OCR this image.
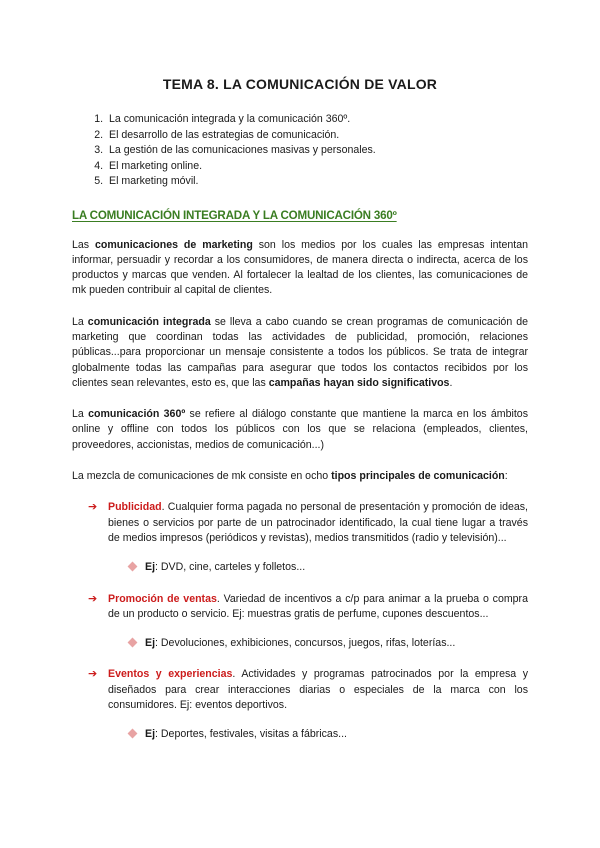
TEMA 8. LA COMUNICACIÓN DE VALOR
1. La comunicación integrada y la comunicación 360º.
2. El desarrollo de las estrategias de comunicación.
3. La gestión de las comunicaciones masivas y personales.
4. El marketing online.
5. El marketing móvil.
LA COMUNICACIÓN INTEGRADA Y LA COMUNICACIÓN 360º

Las comunicaciones de marketing son los medios por los cuales las empresas intentan informar, persuadir y recordar a los consumidores, de manera directa o indirecta, acerca de los productos y marcas que venden. Al fortalecer la lealtad de los clientes, las comunicaciones de mk pueden contribuir al capital de clientes.

La comunicación integrada se lleva a cabo cuando se crean programas de comunicación de marketing que coordinan todas las actividades de publicidad, promoción, relaciones públicas...para proporcionar un mensaje consistente a todos los públicos. Se trata de integrar globalmente todas las campañas para asegurar que todos los contactos recibidos por los clientes sean relevantes, esto es, que las campañas hayan sido significativos.

La comunicación 360º se refiere al diálogo constante que mantiene la marca en los ámbitos online y offline con todos los públicos con los que se relaciona (empleados, clientes, proveedores, accionistas, medios de comunicación...)

La mezcla de comunicaciones de mk consiste en ocho tipos principales de comunicación:

➔ Publicidad. Cualquier forma pagada no personal de presentación y promoción de ideas, bienes o servicios por parte de un patrocinador identificado, la cual tiene lugar a través de medios impresos (periódicos y revistas), medios transmitidos (radio y televisión)...

Ej: DVD, cine, carteles y folletos...

➔ Promoción de ventas. Variedad de incentivos a c/p para animar a la prueba o compra de un producto o servicio. Ej: muestras gratis de perfume, cupones descuentos...

Ej: Devoluciones, exhibiciones, concursos, juegos, rifas, loterías...

➔ Eventos y experiencias. Actividades y programas patrocinados por la empresa y diseñados para crear interacciones diarias o especiales de la marca con los consumidores. Ej: eventos deportivos.

Ej: Deportes, festivales, visitas a fábricas...
